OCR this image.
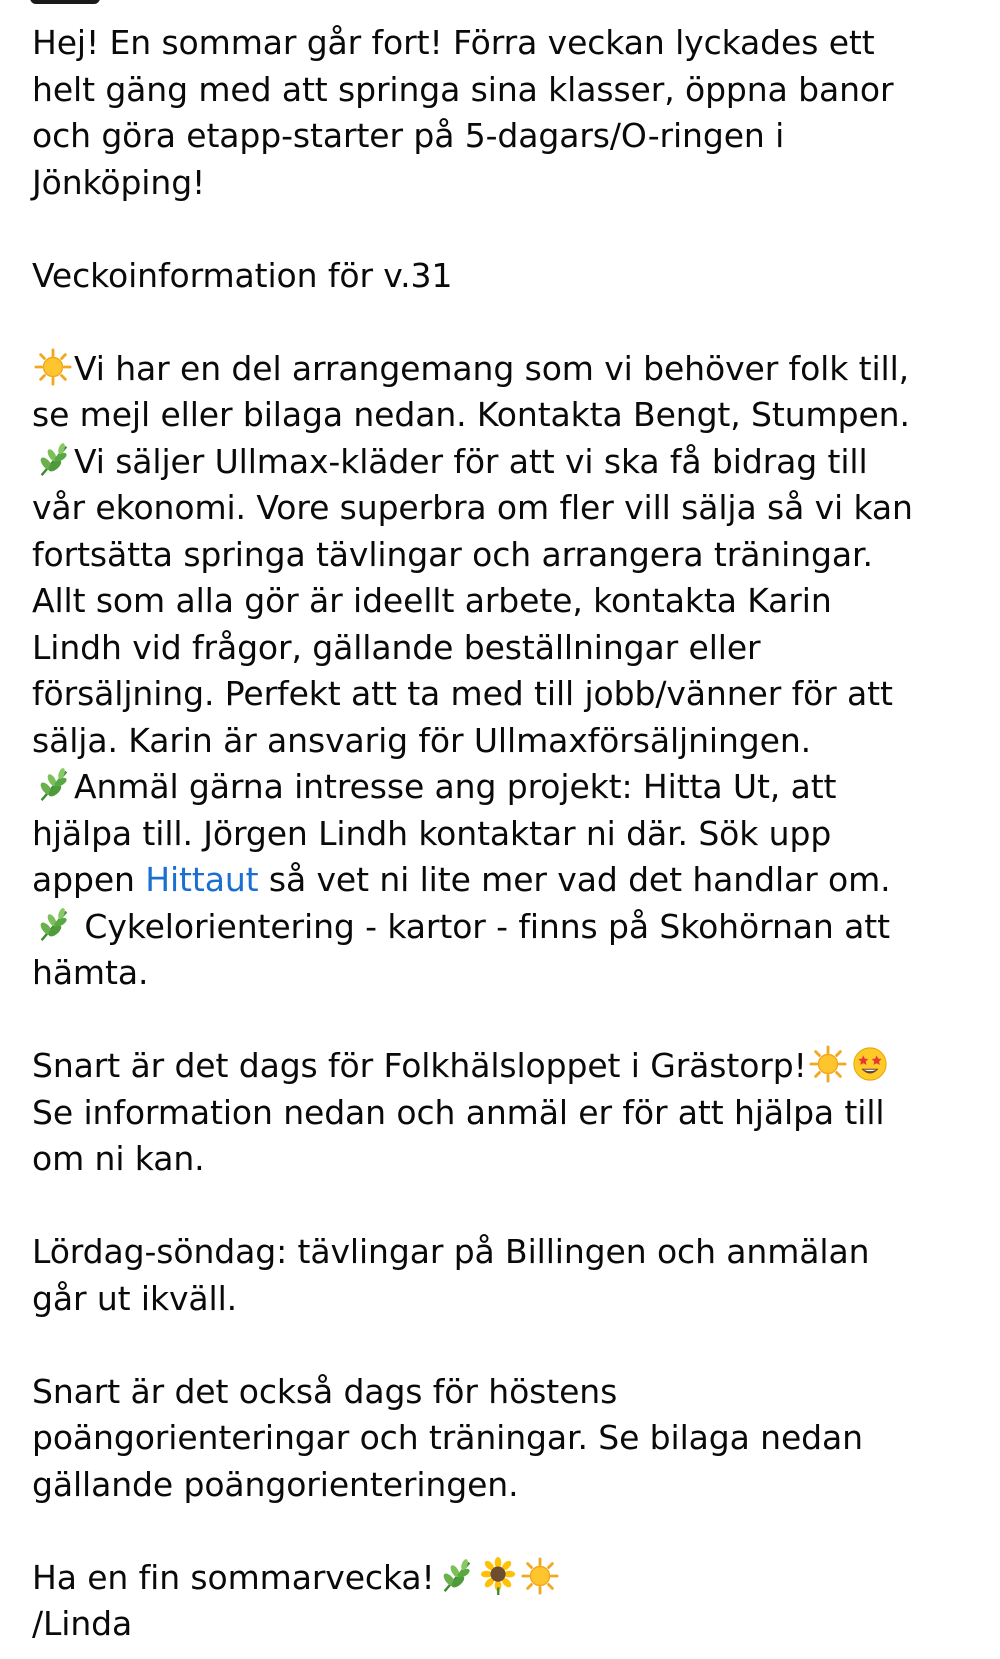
Hej! En sommar går fort! Förra veckan lyckades ett
helt gäng med att springa sina klasser, öppna banor
och göra etapp-starter på 5-dagars/O-ringen i
Jönköping!
Veckoinformation för v.31
Vi har en del arrangemang som vi behöver folk till,
se mejl eller bilaga nedan. Kontakta Bengt, Stumpen.
Vi säljer Ullmax-kläder för att vi ska få bidrag till
vår ekonomi. Vore superbra om fler vill sälja så vi kan
fortsätta springa tävlingar och arrangera träningar.
Allt som alla gör är ideellt arbete, kontakta Karin
Lindh vid frågor, gällande beställningar eller
försäljning. Perfekt att ta med till jobb/vänner för att
sälja. Karin är ansvarig för Ullmaxförsäljningen.
Anmäl gärna intresse ang projekt: Hitta Ut, att
hjälpa till. Jörgen Lindh kontaktar ni där. Sök upp
appen Hittaut så vet ni lite mer vad det handlar om.
Cykelorientering - kartor - finns på Skohörnan att
hämta.
Snart är det dags för Folkhälsloppet i Grästorp!
Se information nedan och anmäl er för att hjälpa till
om ni kan.
Lördag-söndag: tävlingar på Billingen och anmälan
går ut ikväll.
Snart är det också dags för höstens
poängorienteringar och träningar. Se bilaga nedan
gällande poängorienteringen.
Ha en fin sommarvecka!
/Linda
